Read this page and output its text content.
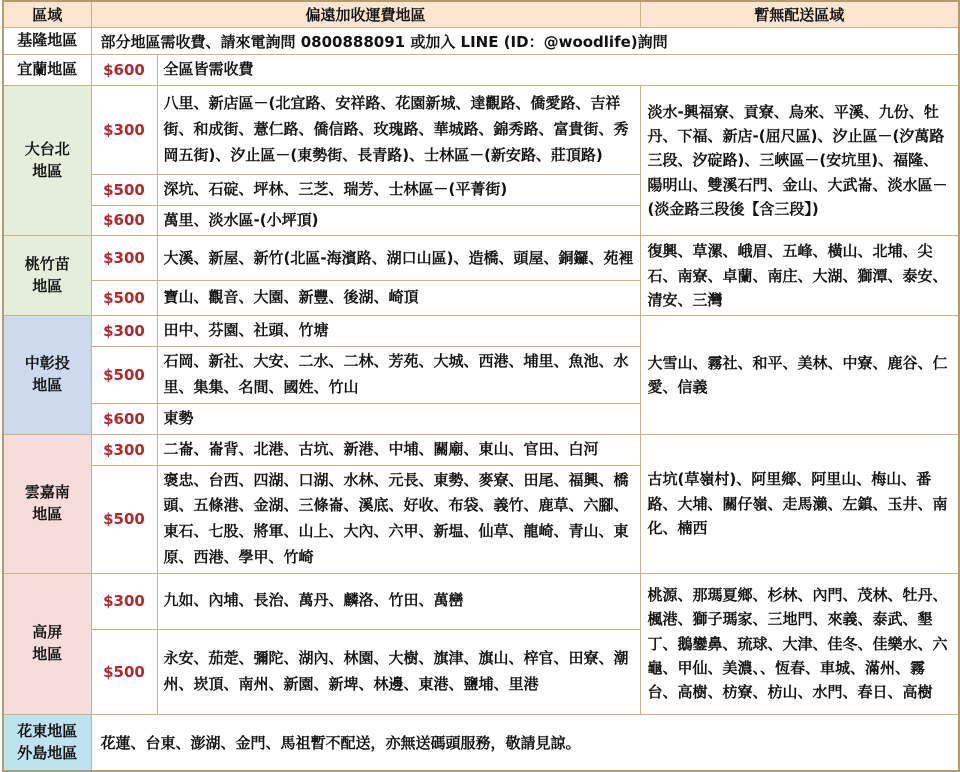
區域	偏遠加收運費地區		暫無配送區域

基隆地區	部分地區需收費、請來電詢問 0800888091 或加入 LINE (ID：@woodlife)詢問		

宜蘭地區	$600	全區皆需收費	

大台北
地區	$300	八里、新店區－(北宜路、安祥路、花園新城、達觀路、僑愛路、吉祥街、和成街、薏仁路、僑信路、玫瑰路、華城路、錦秀路、富貴街、秀岡五街)、汐止區－(東勢街、長青路)、士林區－(新安路、莊頂路)	淡水-興福寮、貢寮、烏來、平溪、九份、牡丹、下福、新店-(屈尺區)、汐止區－(汐萬路三段、汐碇路)、三峽區－(安坑里)、福隆、陽明山、雙溪石門、金山、大武崙、淡水區－(淡金路三段後【含三段】)
	$500	深坑、石碇、坪林、三芝、瑞芳、士林區－(平菁街)	
	$600	萬里、淡水區-(小坪頂)	

桃竹苗
地區	$300	大溪、新屋、新竹(北區-海濱路、湖口山區)、造橋、頭屋、銅鑼、苑裡	復興、草漯、峨眉、五峰、橫山、北埔、尖石、南寮、卓蘭、南庄、大湖、獅潭、泰安、清安、三灣
	$500	寶山、觀音、大園、新豐、後湖、崎頂	

中彰投
地區	$300	田中、芬園、社頭、竹塘	大雪山、霧社、和平、美林、中寮、鹿谷、仁愛、信義
	$500	石岡、新社、大安、二水、二林、芳苑、大城、西港、埔里、魚池、水里、集集、名間、國姓、竹山	
	$600	東勢	

雲嘉南
地區	$300	二崙、崙背、北港、古坑、新港、中埔、關廟、東山、官田、白河	古坑(草嶺村)、阿里鄉、阿里山、梅山、番路、大埔、關仔嶺、走馬瀨、左鎮、玉井、南化、楠西
	$500	褒忠、台西、四湖、口湖、水林、元長、東勢、麥寮、田尾、福興、橋頭、五條港、金湖、三條崙、溪底、好收、布袋、義竹、鹿草、六腳、東石、七股、將軍、山上、大內、六甲、新塭、仙草、龍崎、青山、東原、西港、學甲、竹崎	

高屏
地區	$300	九如、內埔、長治、萬丹、麟洛、竹田、萬巒	桃源、那瑪夏鄉、杉林、內門、茂林、牡丹、楓港、獅子瑪家、三地門、來義、泰武、墾丁、鵝鑾鼻、琉球、大津、佳冬、佳樂水、六龜、甲仙、美濃、、恆春、車城、滿州、霧台、高樹、枋寮、枋山、水門、春日、高樹
	$500	永安、茄萣、彌陀、湖內、林園、大樹、旗津、旗山、梓官、田寮、潮州、崁頂、南州、新園、新埤、林邊、東港、鹽埔、里港	

花東地區
外島地區	花蓮、台東、澎湖、金門、馬祖暫不配送，亦無送碼頭服務，敬請見諒。		
